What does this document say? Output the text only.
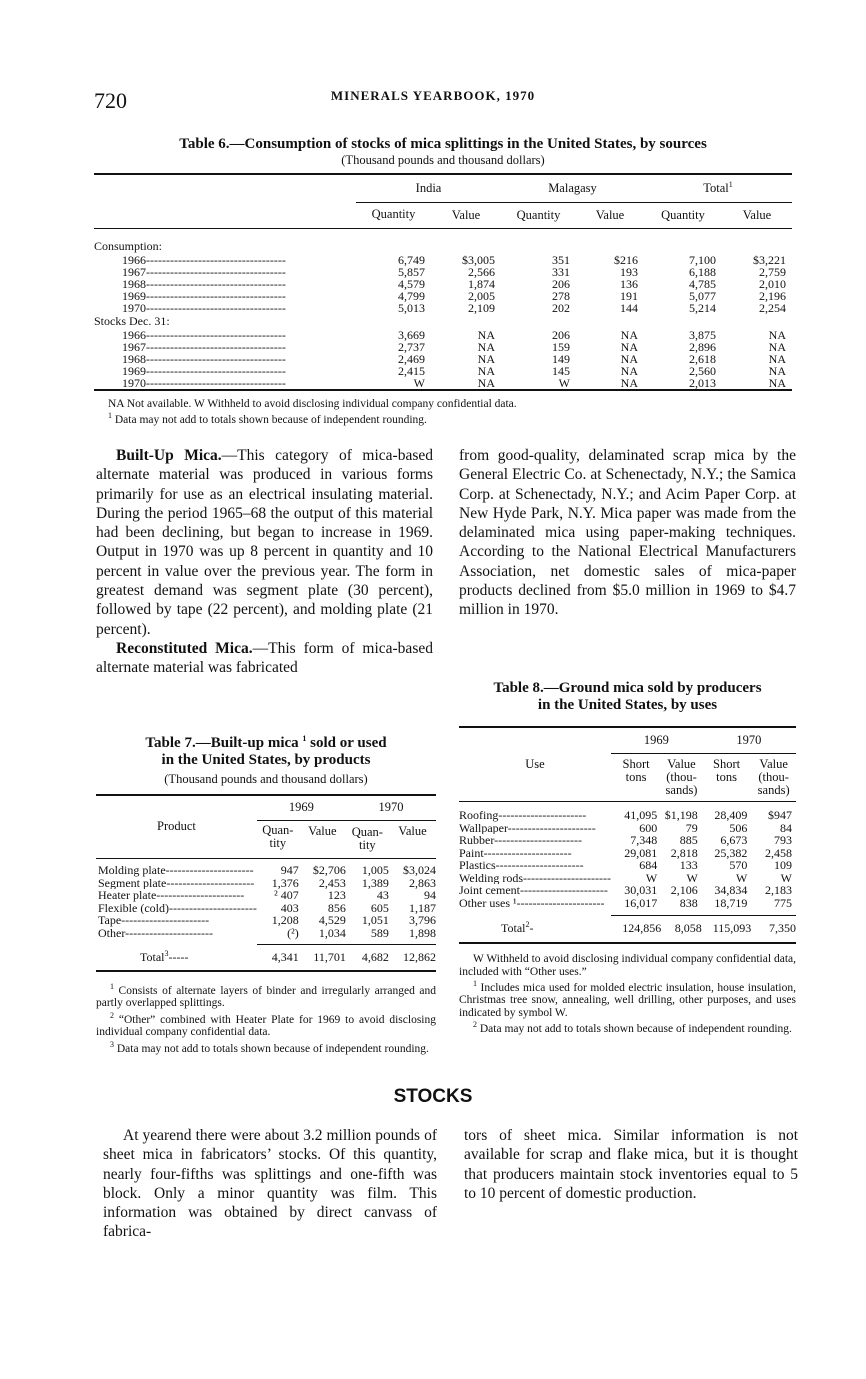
720	MINERALS YEARBOOK, 1970
Table 6.—Consumption of stocks of mica splittings in the United States, by sources
(Thousand pounds and thousand dollars)
	India		Malagasy		Total$^1$

	Quantity	Value	Quantity	Value	Quantity	Value
Consumption:						
1966-----------------------------------	6,749	$3,005	351	$216	7,100	$3,221
1967-----------------------------------	5,857	2,566	331	193	6,188	2,759
1968-----------------------------------	4,579	1,874	206	136	4,785	2,010
1969-----------------------------------	4,799	2,005	278	191	5,077	2,196
1970-----------------------------------	5,013	2,109	202	144	5,214	2,254
Stocks Dec. 31:						
1966-----------------------------------	3,669	NA	206	NA	3,875	NA
1967-----------------------------------	2,737	NA	159	NA	2,896	NA
1968-----------------------------------	2,469	NA	149	NA	2,618	NA
1969-----------------------------------	2,415	NA	145	NA	2,560	NA
1970-----------------------------------	W	NA	W	NA	2,013	NA

NA Not available. W Withheld to avoid disclosing individual company confidential data.
$^1$ Data may not add to totals shown because of independent rounding.

Built-Up Mica.—This category of mica-based alternate material was produced in various forms primarily for use as an electrical insulating material. During the period 1965–68 the output of this material had been declining, but began to increase in 1969. Output in 1970 was up 8 percent in quantity and 10 percent in value over the previous year. The form in greatest demand was segment plate (30 percent), followed by tape (22 percent), and molding plate (21 percent).

Reconstituted Mica.—This form of mica-based alternate material was fabricated

from good-quality, delaminated scrap mica by the General Electric Co. at Schenectady, N.Y.; the Samica Corp. at Schenectady, N.Y.; and Acim Paper Corp. at New Hyde Park, N.Y. Mica paper was made from the delaminated mica using paper-making techniques. According to the National Electrical Manufacturers Association, net domestic sales of mica-paper products declined from $5.0 million in 1969 to $4.7 million in 1970.

Table 7.—Built-up mica $^1$ sold or used
in the United States, by products
(Thousand pounds and thousand dollars)
Product	1969		1970	

	Quan-tity	Value	Quan-tity	Value

Molding plate----------------------	947	$2,706	1,005	$3,024
Segment plate----------------------	1,376	2,453	1,389	2,863
Heater plate----------------------	² 407	123	43	94
Flexible (cold)----------------------	403	856	605	1,187
Tape----------------------	1,208	4,529	1,051	3,796
Other----------------------	(²)	1,034	589	1,898

Total$^3$-----	4,341	11,701	4,682	12,862

$^1$ Consists of alternate layers of binder and irregularly arranged and partly overlapped splittings.

$^2$ “Other” combined with Heater Plate for 1969 to avoid disclosing individual company confidential data.

$^3$ Data may not add to totals shown because of independent rounding.

Table 8.—Ground mica sold by producers
in the United States, by uses
Use	1969		1970	

	Short tons	Value (thou-sands)	Short tons	Value (thou-sands)

Roofing----------------------	41,095	$1,198	28,409	$947
Wallpaper----------------------	600	79	506	84
Rubber----------------------	7,348	885	6,673	793
Paint----------------------	29,081	2,818	25,382	2,458
Plastics----------------------	684	133	570	109
Welding rods----------------------	W	W	W	W
Joint cement----------------------	30,031	2,106	34,834	2,183
Other uses ¹----------------------	16,017	838	18,719	775

Total$^2$-	124,856	8,058	115,093	7,350

W Withheld to avoid disclosing individual company confidential data, included with “Other uses.”

$^1$ Includes mica used for molded electric insulation, house insulation, Christmas tree snow, annealing, well drilling, other purposes, and uses indicated by symbol W.

$^2$ Data may not add to totals shown because of independent rounding.

STOCKS

At yearend there were about 3.2 million pounds of sheet mica in fabricators’ stocks. Of this quantity, nearly four-fifths was splittings and one-fifth was block. Only a minor quantity was film. This information was obtained by direct canvass of fabrica-

tors of sheet mica. Similar information is not available for scrap and flake mica, but it is thought that producers maintain stock inventories equal to 5 to 10 percent of domestic production.
